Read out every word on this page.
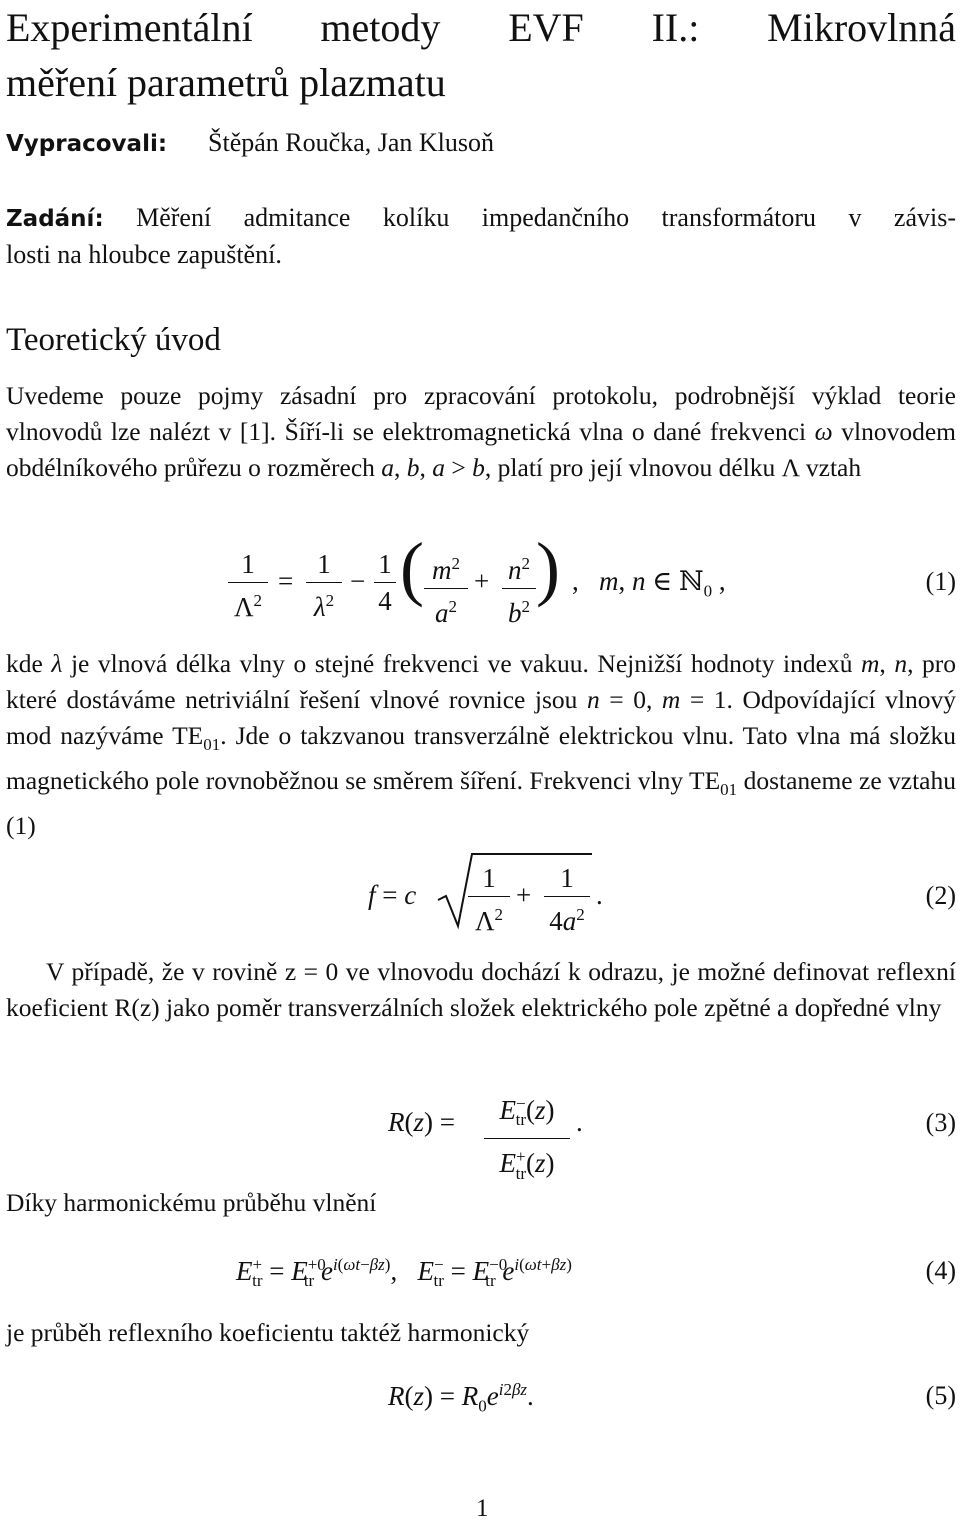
Experimentální metody EVF II.: Mikrovlnná
měření parametrů plazmatu
Vypracovali: Štěpán Roučka, Jan Klusoň
Zadání: Měření admitance kolíku impedančního transformátoru v závis-
losti na hloubce zapuštění.
Teoretický úvod

Uvedeme pouze pojmy zásadní pro zpracování protokolu, podrobnější výklad teorie vlnovodů lze nalézt v [1]. Šíří-li se elektromagnetická vlna o dané frekvenci ω vlnovodem obdélníkového průřezu o rozměrech a, b, a > b, platí pro její vlnovou délku Λ vztah

1
$\Lambda^2$
=
1
$\lambda^2$
−
1
4 ( $m^2$
$a^2$
+ $n^2$
$b^2$ ) ,   m, n ∈ ℕ$_0$ ,	(1)

kde λ je vlnová délka vlny o stejné frekvenci ve vakuu. Nejnižší hodnoty indexů m, n, pro které dostáváme netriviální řešení vlnové rovnice jsou n = 0, m = 1. Odpovídající vlnový mod nazýváme $TE_{01}$. Jde o takzvanou transverzálně elektrickou vlnu. Tato vlna má složku magnetického pole rovnoběžnou se směrem šíření. Frekvenci vlny $TE_{01}$ dostaneme ze vztahu (1)

f = c
1
$\Lambda^2$
+
1
$4a^2$
.	(2)

V případě, že v rovině z = 0 ve vlnovodu dochází k odrazu, je možné definovat reflexní koeficient R(z) jako poměr transverzálních složek elektrického pole zpětné a dopředné vlny

R(z) =	$E^-_{tr}(z)$
$E^+_{tr}(z)$
.	(3)

Díky harmonickému průběhu vlnění

$E^+_{tr} = E^{+0}_{tr}$ $e^{i(\omega t-\beta z)}$,   $E^-_{tr} = E^{-0}_{tr}$ $e^{i(\omega t+\beta z)}$	(4)

je průběh reflexního koeficientu taktéž harmonický

$R(z) = R_0e^{i2\beta z}$.	(5)
1
